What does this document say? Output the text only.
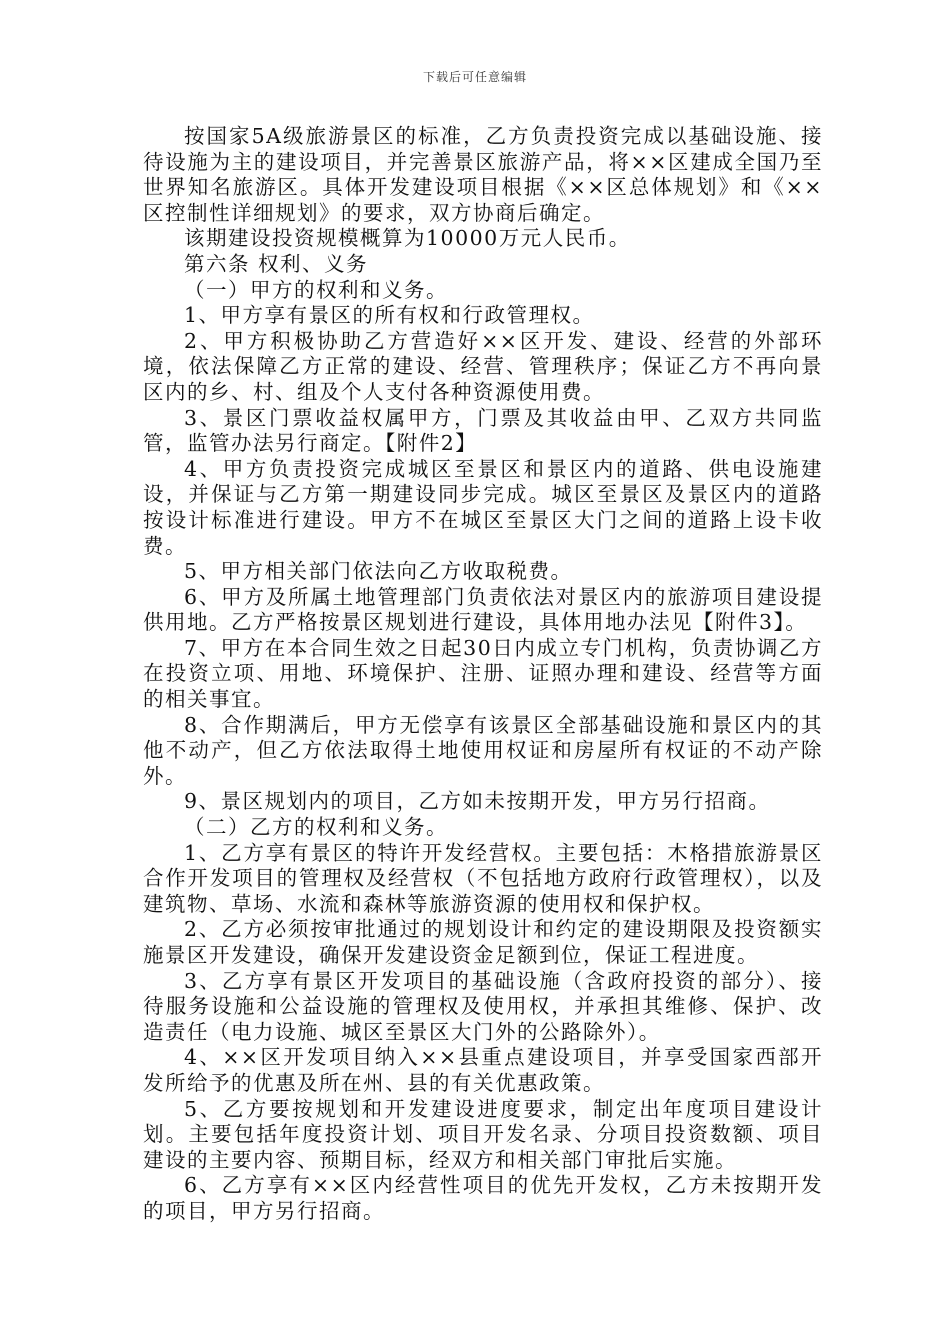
下载后可任意编辑

按国家5A级旅游景区的标准，乙方负责投资完成以基础设施、接待设施为主的建设项目，并完善景区旅游产品，将××区建成全国乃至世界知名旅游区。具体开发建设项目根据《××区总体规划》和《××区控制性详细规划》的要求，双方协商后确定。

该期建设投资规模概算为10000万元人民币。

第六条 权利、义务

（一）甲方的权利和义务。

1、甲方享有景区的所有权和行政管理权。

2、甲方积极协助乙方营造好××区开发、建设、经营的外部环境，依法保障乙方正常的建设、经营、管理秩序；保证乙方不再向景区内的乡、村、组及个人支付各种资源使用费。

3、景区门票收益权属甲方，门票及其收益由甲、乙双方共同监管，监管办法另行商定。【附件2】

4、甲方负责投资完成城区至景区和景区内的道路、供电设施建设，并保证与乙方第一期建设同步完成。城区至景区及景区内的道路按设计标准进行建设。甲方不在城区至景区大门之间的道路上设卡收费。

5、甲方相关部门依法向乙方收取税费。

6、甲方及所属土地管理部门负责依法对景区内的旅游项目建设提供用地。乙方严格按景区规划进行建设，具体用地办法见【附件3】。

7、甲方在本合同生效之日起30日内成立专门机构，负责协调乙方在投资立项、用地、环境保护、注册、证照办理和建设、经营等方面的相关事宜。

8、合作期满后，甲方无偿享有该景区全部基础设施和景区内的其他不动产，但乙方依法取得土地使用权证和房屋所有权证的不动产除外。

9、景区规划内的项目，乙方如未按期开发，甲方另行招商。

（二）乙方的权利和义务。

1、乙方享有景区的特许开发经营权。主要包括：木格措旅游景区合作开发项目的管理权及经营权（不包括地方政府行政管理权），以及建筑物、草场、水流和森林等旅游资源的使用权和保护权。

2、乙方必须按审批通过的规划设计和约定的建设期限及投资额实施景区开发建设，确保开发建设资金足额到位，保证工程进度。

3、乙方享有景区开发项目的基础设施（含政府投资的部分）、接待服务设施和公益设施的管理权及使用权，并承担其维修、保护、改造责任（电力设施、城区至景区大门外的公路除外）。

4、××区开发项目纳入××县重点建设项目，并享受国家西部开发所给予的优惠及所在州、县的有关优惠政策。

5、乙方要按规划和开发建设进度要求，制定出年度项目建设计划。主要包括年度投资计划、项目开发名录、分项目投资数额、项目建设的主要内容、预期目标，经双方和相关部门审批后实施。

6、乙方享有××区内经营性项目的优先开发权，乙方未按期开发的项目，甲方另行招商。
